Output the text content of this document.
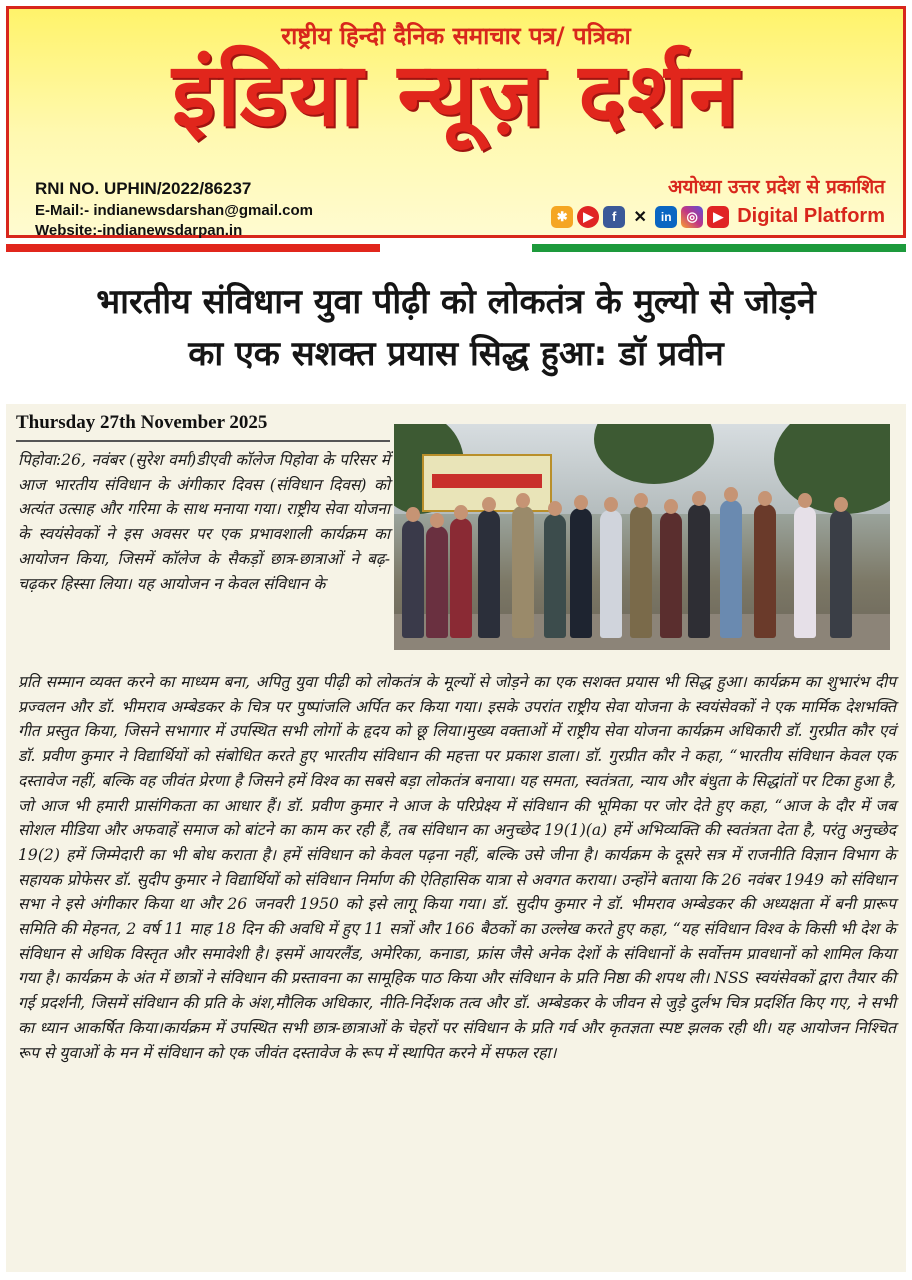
राष्ट्रीय हिन्दी दैनिक समाचार पत्र/ पत्रिका
इंडिया न्यूज़ दर्शन
RNI NO. UPHIN/2022/86237
E-Mail:- indianewsdarshan@gmail.com
Website:-indianewsdarpan.in
अयोध्या उत्तर प्रदेश से प्रकाशित
✱	▶	f	✕	in	◎	▶ Digital Platform
भारतीय संविधान युवा पीढ़ी को लोकतंत्र के मुल्यो से जोड़ने
का एक सशक्त प्रयास सिद्ध हुआ: डॉ प्रवीन
Thursday 27th November 2025
पिहोवा:26, नवंबर (सुरेश वर्मा)डीएवी कॉलेज पिहोवा के परिसर में आज भारतीय संविधान के अंगीकार दिवस (संविधान दिवस) को अत्यंत उत्साह और गरिमा के साथ मनाया गया। राष्ट्रीय सेवा योजना के स्वयंसेवकों ने इस अवसर पर एक प्रभावशाली कार्यक्रम का आयोजन किया, जिसमें कॉलेज के सैकड़ों छात्र-छात्राओं ने बढ़-चढ़कर हिस्सा लिया। यह आयोजन न केवल संविधान के
प्रति सम्मान व्यक्त करने का माध्यम बना, अपितु युवा पीढ़ी को लोकतंत्र के मूल्यों से जोड़ने का एक सशक्त प्रयास भी सिद्ध हुआ। कार्यक्रम का शुभारंभ दीप प्रज्वलन और डॉ. भीमराव अम्बेडकर के चित्र पर पुष्पांजलि अर्पित कर किया गया। इसके उपरांत राष्ट्रीय सेवा योजना के स्वयंसेवकों ने एक मार्मिक देशभक्ति गीत प्रस्तुत किया, जिसने सभागार में उपस्थित सभी लोगों के हृदय को छू लिया।मुख्य वक्ताओं में राष्ट्रीय सेवा योजना कार्यक्रम अधिकारी डॉ. गुरप्रीत कौर एवं डॉ. प्रवीण कुमार ने विद्यार्थियों को संबोधित करते हुए भारतीय संविधान की महत्ता पर प्रकाश डाला। डॉ. गुरप्रीत कौर ने कहा, “भारतीय संविधान केवल एक दस्तावेज नहीं, बल्कि वह जीवंत प्रेरणा है जिसने हमें विश्व का सबसे बड़ा लोकतंत्र बनाया। यह समता, स्वतंत्रता, न्याय और बंधुता के सिद्धांतों पर टिका हुआ है, जो आज भी हमारी प्रासंगिकता का आधार हैं। डॉ. प्रवीण कुमार ने आज के परिप्रेक्ष्य में संविधान की भूमिका पर जोर देते हुए कहा, “आज के दौर में जब सोशल मीडिया और अफवाहें समाज को बांटने का काम कर रही हैं, तब संविधान का अनुच्छेद 19(1)(a) हमें अभिव्यक्ति की स्वतंत्रता देता है, परंतु अनुच्छेद 19(2) हमें जिम्मेदारी का भी बोध कराता है। हमें संविधान को केवल पढ़ना नहीं, बल्कि उसे जीना है। कार्यक्रम के दूसरे सत्र में राजनीति विज्ञान विभाग के सहायक प्रोफेसर डॉ. सुदीप कुमार ने विद्यार्थियों को संविधान निर्माण की ऐतिहासिक यात्रा से अवगत कराया। उन्होंने बताया कि 26 नवंबर 1949 को संविधान सभा ने इसे अंगीकार किया था और 26 जनवरी 1950 को इसे लागू किया गया। डॉ. सुदीप कुमार ने डॉ. भीमराव अम्बेडकर की अध्यक्षता में बनी प्रारूप समिति की मेहनत, 2 वर्ष 11 माह 18 दिन की अवधि में हुए 11 सत्रों और 166 बैठकों का उल्लेख करते हुए कहा, “यह संविधान विश्व के किसी भी देश के संविधान से अधिक विस्तृत और समावेशी है। इसमें आयरलैंड, अमेरिका, कनाडा, फ्रांस जैसे अनेक देशों के संविधानों के सर्वोत्तम प्रावधानों को शामिल किया गया है। कार्यक्रम के अंत में छात्रों ने संविधान की प्रस्तावना का सामूहिक पाठ किया और संविधान के प्रति निष्ठा की शपथ ली। NSS स्वयंसेवकों द्वारा तैयार की गई प्रदर्शनी, जिसमें संविधान की प्रति के अंश,मौलिक अधिकार, नीति-निर्देशक तत्व और डॉ. अम्बेडकर के जीवन से जुड़े दुर्लभ चित्र प्रदर्शित किए गए, ने सभी का ध्यान आकर्षित किया।कार्यक्रम में उपस्थित सभी छात्र-छात्राओं के चेहरों पर संविधान के प्रति गर्व और कृतज्ञता स्पष्ट झलक रही थी। यह आयोजन निश्चित रूप से युवाओं के मन में संविधान को एक जीवंत दस्तावेज के रूप में स्थापित करने में सफल रहा।
